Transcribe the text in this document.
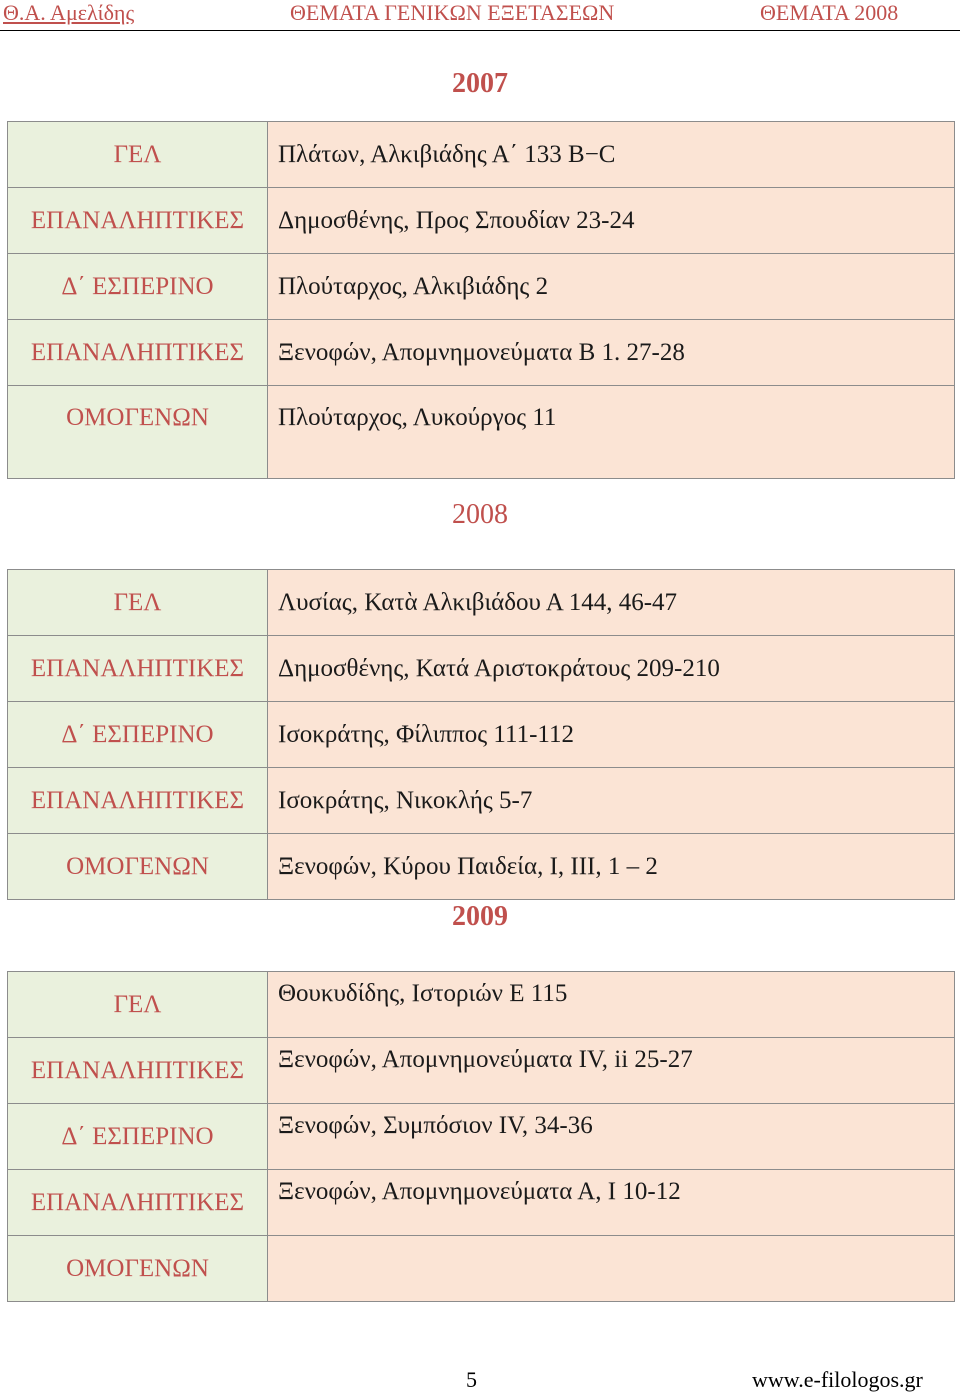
Θ.Α. Αμελίδης	ΘΕΜΑΤΑ ΓΕΝΙΚΩΝ ΕΞΕΤΑΣΕΩΝ	ΘΕΜΑΤΑ 2008
2007
ΓΕΛ	Πλάτων, Αλκιβιάδης Α΄ 133 Β−C
ΕΠΑΝΑΛΗΠΤΙΚΕΣ	Δημοσθένης, Προς Σπουδίαν 23-24
Δ΄ ΕΣΠΕΡΙΝΟ	Πλούταρχος, Αλκιβιάδης 2
ΕΠΑΝΑΛΗΠΤΙΚΕΣ	Ξενοφών, Απομνημονεύματα Β 1. 27-28
ΟΜΟΓΕΝΩΝ	Πλούταρχος, Λυκούργος 11
2008
ΓΕΛ	Λυσίας, Κατὰ Αλκιβιάδου Α 144, 46-47
ΕΠΑΝΑΛΗΠΤΙΚΕΣ	Δημοσθένης, Κατά Αριστοκράτους 209-210
Δ΄ ΕΣΠΕΡΙΝΟ	Ισοκράτης, Φίλιππος 111-112
ΕΠΑΝΑΛΗΠΤΙΚΕΣ	Ισοκράτης, Νικοκλής 5-7
ΟΜΟΓΕΝΩΝ	Ξενοφών, Κύρου Παιδεία, Ι, ΙΙΙ, 1 – 2
2009
ΓΕΛ	Θουκυδίδης, Ιστοριών Ε 115
ΕΠΑΝΑΛΗΠΤΙΚΕΣ	Ξενοφών, Απομνημονεύματα IV, ii 25-27
Δ΄ ΕΣΠΕΡΙΝΟ	Ξενοφών, Συμπόσιον IV, 34-36
ΕΠΑΝΑΛΗΠΤΙΚΕΣ	Ξενοφών, Απομνημονεύματα Α, Ι 10-12
ΟΜΟΓΕΝΩΝ	
5	www.e-filologos.gr
